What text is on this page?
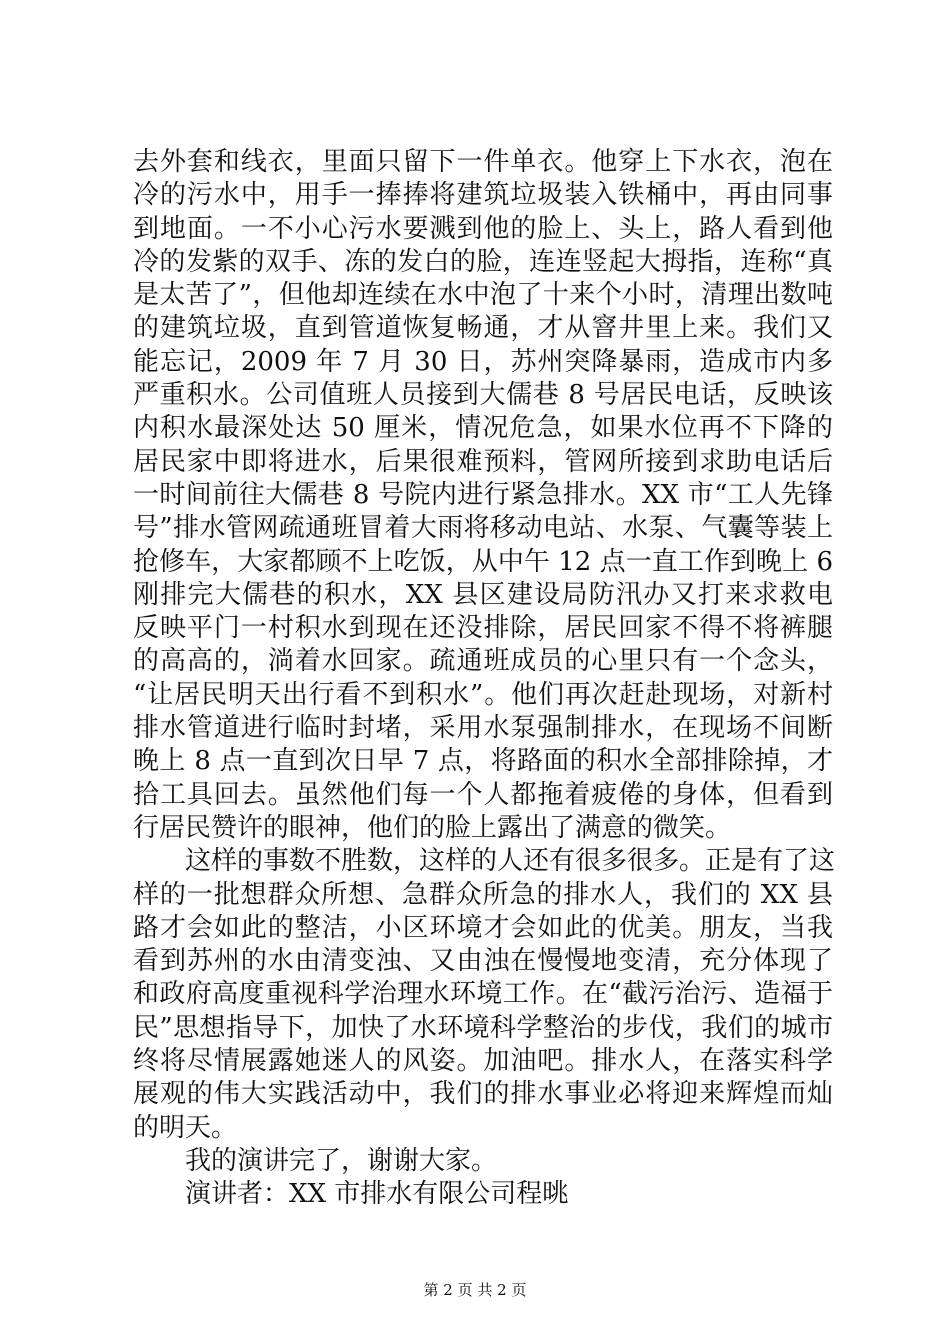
去外套和线衣，里面只留下一件单衣。他穿上下水衣，泡在
冷的污水中，用手一捧捧将建筑垃圾装入铁桶中，再由同事
到地面。一不小心污水要溅到他的脸上、头上，路人看到他
冷的发紫的双手、冻的发白的脸，连连竖起大拇指，连称“真
是太苦了”，但他却连续在水中泡了十来个小时，清理出数吨
的建筑垃圾，直到管道恢复畅通，才从窨井里上来。我们又
能忘记，2009 年 7 月 30 日，苏州突降暴雨，造成市内多
严重积水。公司值班人员接到大儒巷 8 号居民电话，反映该
内积水最深处达 50 厘米，情况危急，如果水位再不下降的
居民家中即将进水，后果很难预料，管网所接到求助电话后
一时间前往大儒巷 8 号院内进行紧急排水。XX 市“工人先锋
号”排水管网疏通班冒着大雨将移动电站、水泵、气囊等装上
抢修车，大家都顾不上吃饭，从中午 12 点一直工作到晚上 6
刚排完大儒巷的积水，XX 县区建设局防汛办又打来求救电
反映平门一村积水到现在还没排除，居民回家不得不将裤腿
的高高的，淌着水回家。疏通班成员的心里只有一个念头，
“让居民明天出行看不到积水”。他们再次赶赴现场，对新村
排水管道进行临时封堵，采用水泵强制排水，在现场不间断
晚上 8 点一直到次日早 7 点，将路面的积水全部排除掉，才
拾工具回去。虽然他们每一个人都拖着疲倦的身体，但看到
行居民赞许的眼神，他们的脸上露出了满意的微笑。
这样的事数不胜数，这样的人还有很多很多。正是有了这
样的一批想群众所想、急群众所急的排水人，我们的 XX 县
路才会如此的整洁，小区环境才会如此的优美。朋友，当我
看到苏州的水由清变浊、又由浊在慢慢地变清，充分体现了
和政府高度重视科学治理水环境工作。在“截污治污、造福于
民”思想指导下，加快了水环境科学整治的步伐，我们的城市
终将尽情展露她迷人的风姿。加油吧。排水人，在落实科学
展观的伟大实践活动中，我们的排水事业必将迎来辉煌而灿
的明天。
我的演讲完了，谢谢大家。
演讲者：XX 市排水有限公司程晀
第 2 页 共 2 页
